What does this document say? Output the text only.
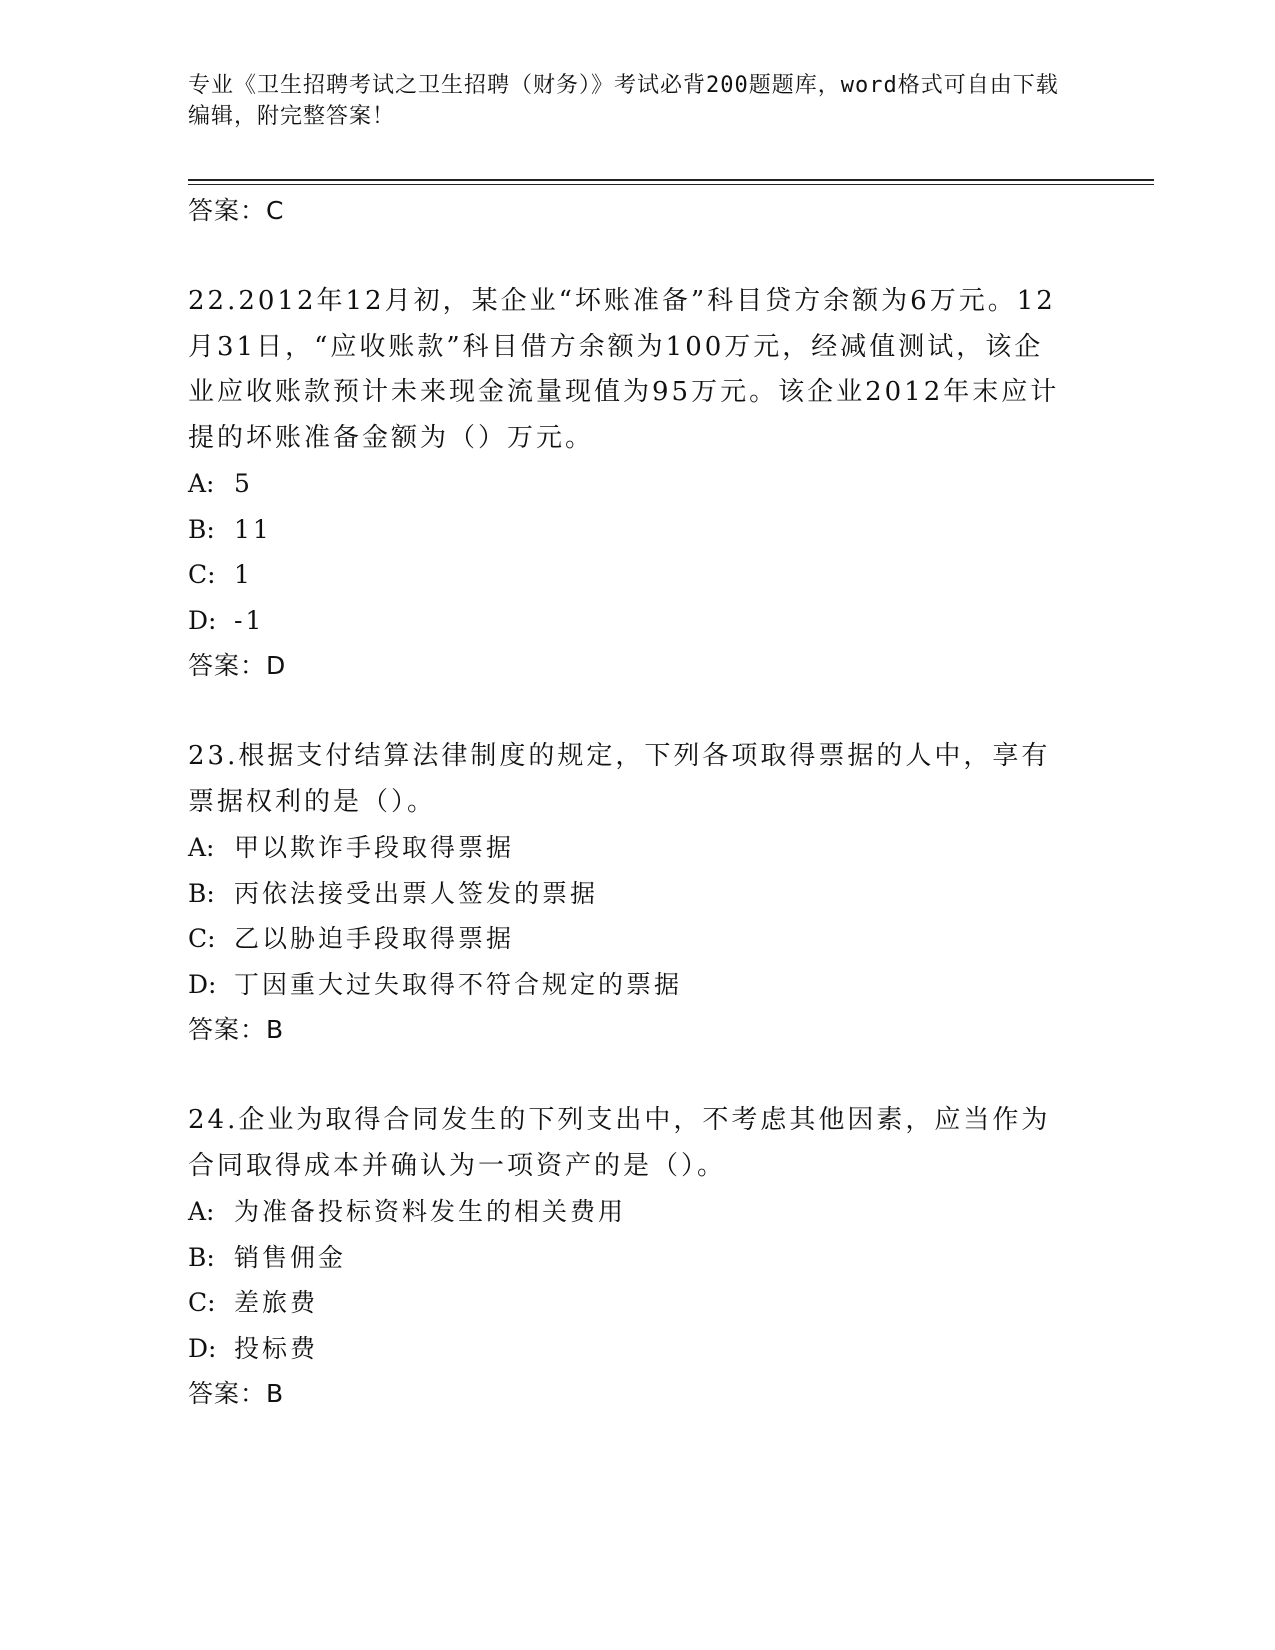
专业《卫生招聘考试之卫生招聘（财务）》考试必背200题题库，word格式可自由下载编辑，附完整答案！
答案：C
22.2012年12月初，某企业“坏账准备”科目贷方余额为6万元。12月31日，“应收账款”科目借方余额为100万元，经减值测试，该企业应收账款预计未来现金流量现值为95万元。该企业2012年末应计提的坏账准备金额为（）万元。
A: 5
B: 11
C: 1
D: -1
答案：D
23.根据支付结算法律制度的规定，下列各项取得票据的人中，享有票据权利的是（）。
A: 甲以欺诈手段取得票据
B: 丙依法接受出票人签发的票据
C: 乙以胁迫手段取得票据
D: 丁因重大过失取得不符合规定的票据
答案：B
24.企业为取得合同发生的下列支出中，不考虑其他因素，应当作为合同取得成本并确认为一项资产的是（）。
A: 为准备投标资料发生的相关费用
B: 销售佣金
C: 差旅费
D: 投标费
答案：B
